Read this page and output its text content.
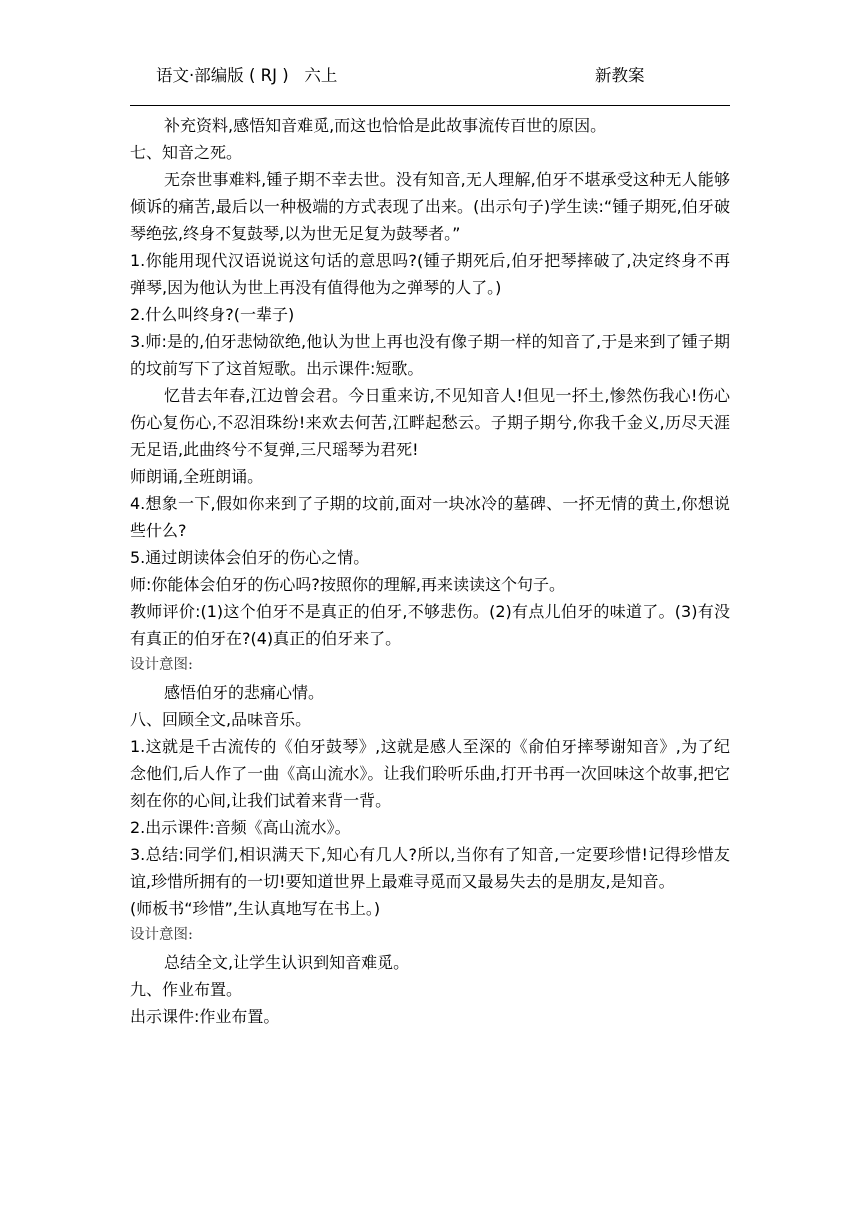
语文·部编版 ( RJ )   六上	新教案

补充资料,感悟知音难觅,而这也恰恰是此故事流传百世的原因。

七、知音之死。

无奈世事难料,锺子期不幸去世。没有知音,无人理解,伯牙不堪承受这种无人能够倾诉的痛苦,最后以一种极端的方式表现了出来。(出示句子)学生读:“锺子期死,伯牙破琴绝弦,终身不复鼓琴,以为世无足复为鼓琴者。”

1.你能用现代汉语说说这句话的意思吗?(锺子期死后,伯牙把琴摔破了,决定终身不再弹琴,因为他认为世上再没有值得他为之弹琴的人了。)

2.什么叫终身?(一辈子)

3.师:是的,伯牙悲恸欲绝,他认为世上再也没有像子期一样的知音了,于是来到了锺子期的坟前写下了这首短歌。出示课件:短歌。

忆昔去年春,江边曾会君。今日重来访,不见知音人!但见一抔土,惨然伤我心!伤心伤心复伤心,不忍泪珠纷!来欢去何苦,江畔起愁云。子期子期兮,你我千金义,历尽天涯无足语,此曲终兮不复弹,三尺瑶琴为君死!

师朗诵,全班朗诵。

4.想象一下,假如你来到了子期的坟前,面对一块冰冷的墓碑、一抔无情的黄土,你想说些什么?

5.通过朗读体会伯牙的伤心之情。

师:你能体会伯牙的伤心吗?按照你的理解,再来读读这个句子。

教师评价:(1)这个伯牙不是真正的伯牙,不够悲伤。(2)有点儿伯牙的味道了。(3)有没有真正的伯牙在?(4)真正的伯牙来了。

设计意图:

感悟伯牙的悲痛心情。

八、回顾全文,品味音乐。

1.这就是千古流传的《伯牙鼓琴》,这就是感人至深的《俞伯牙摔琴谢知音》,为了纪念他们,后人作了一曲《高山流水》。让我们聆听乐曲,打开书再一次回味这个故事,把它刻在你的心间,让我们试着来背一背。

2.出示课件:音频《高山流水》。

3.总结:同学们,相识满天下,知心有几人?所以,当你有了知音,一定要珍惜!记得珍惜友谊,珍惜所拥有的一切!要知道世界上最难寻觅而又最易失去的是朋友,是知音。

(师板书“珍惜”,生认真地写在书上。)

设计意图:

总结全文,让学生认识到知音难觅。

九、作业布置。

出示课件:作业布置。
